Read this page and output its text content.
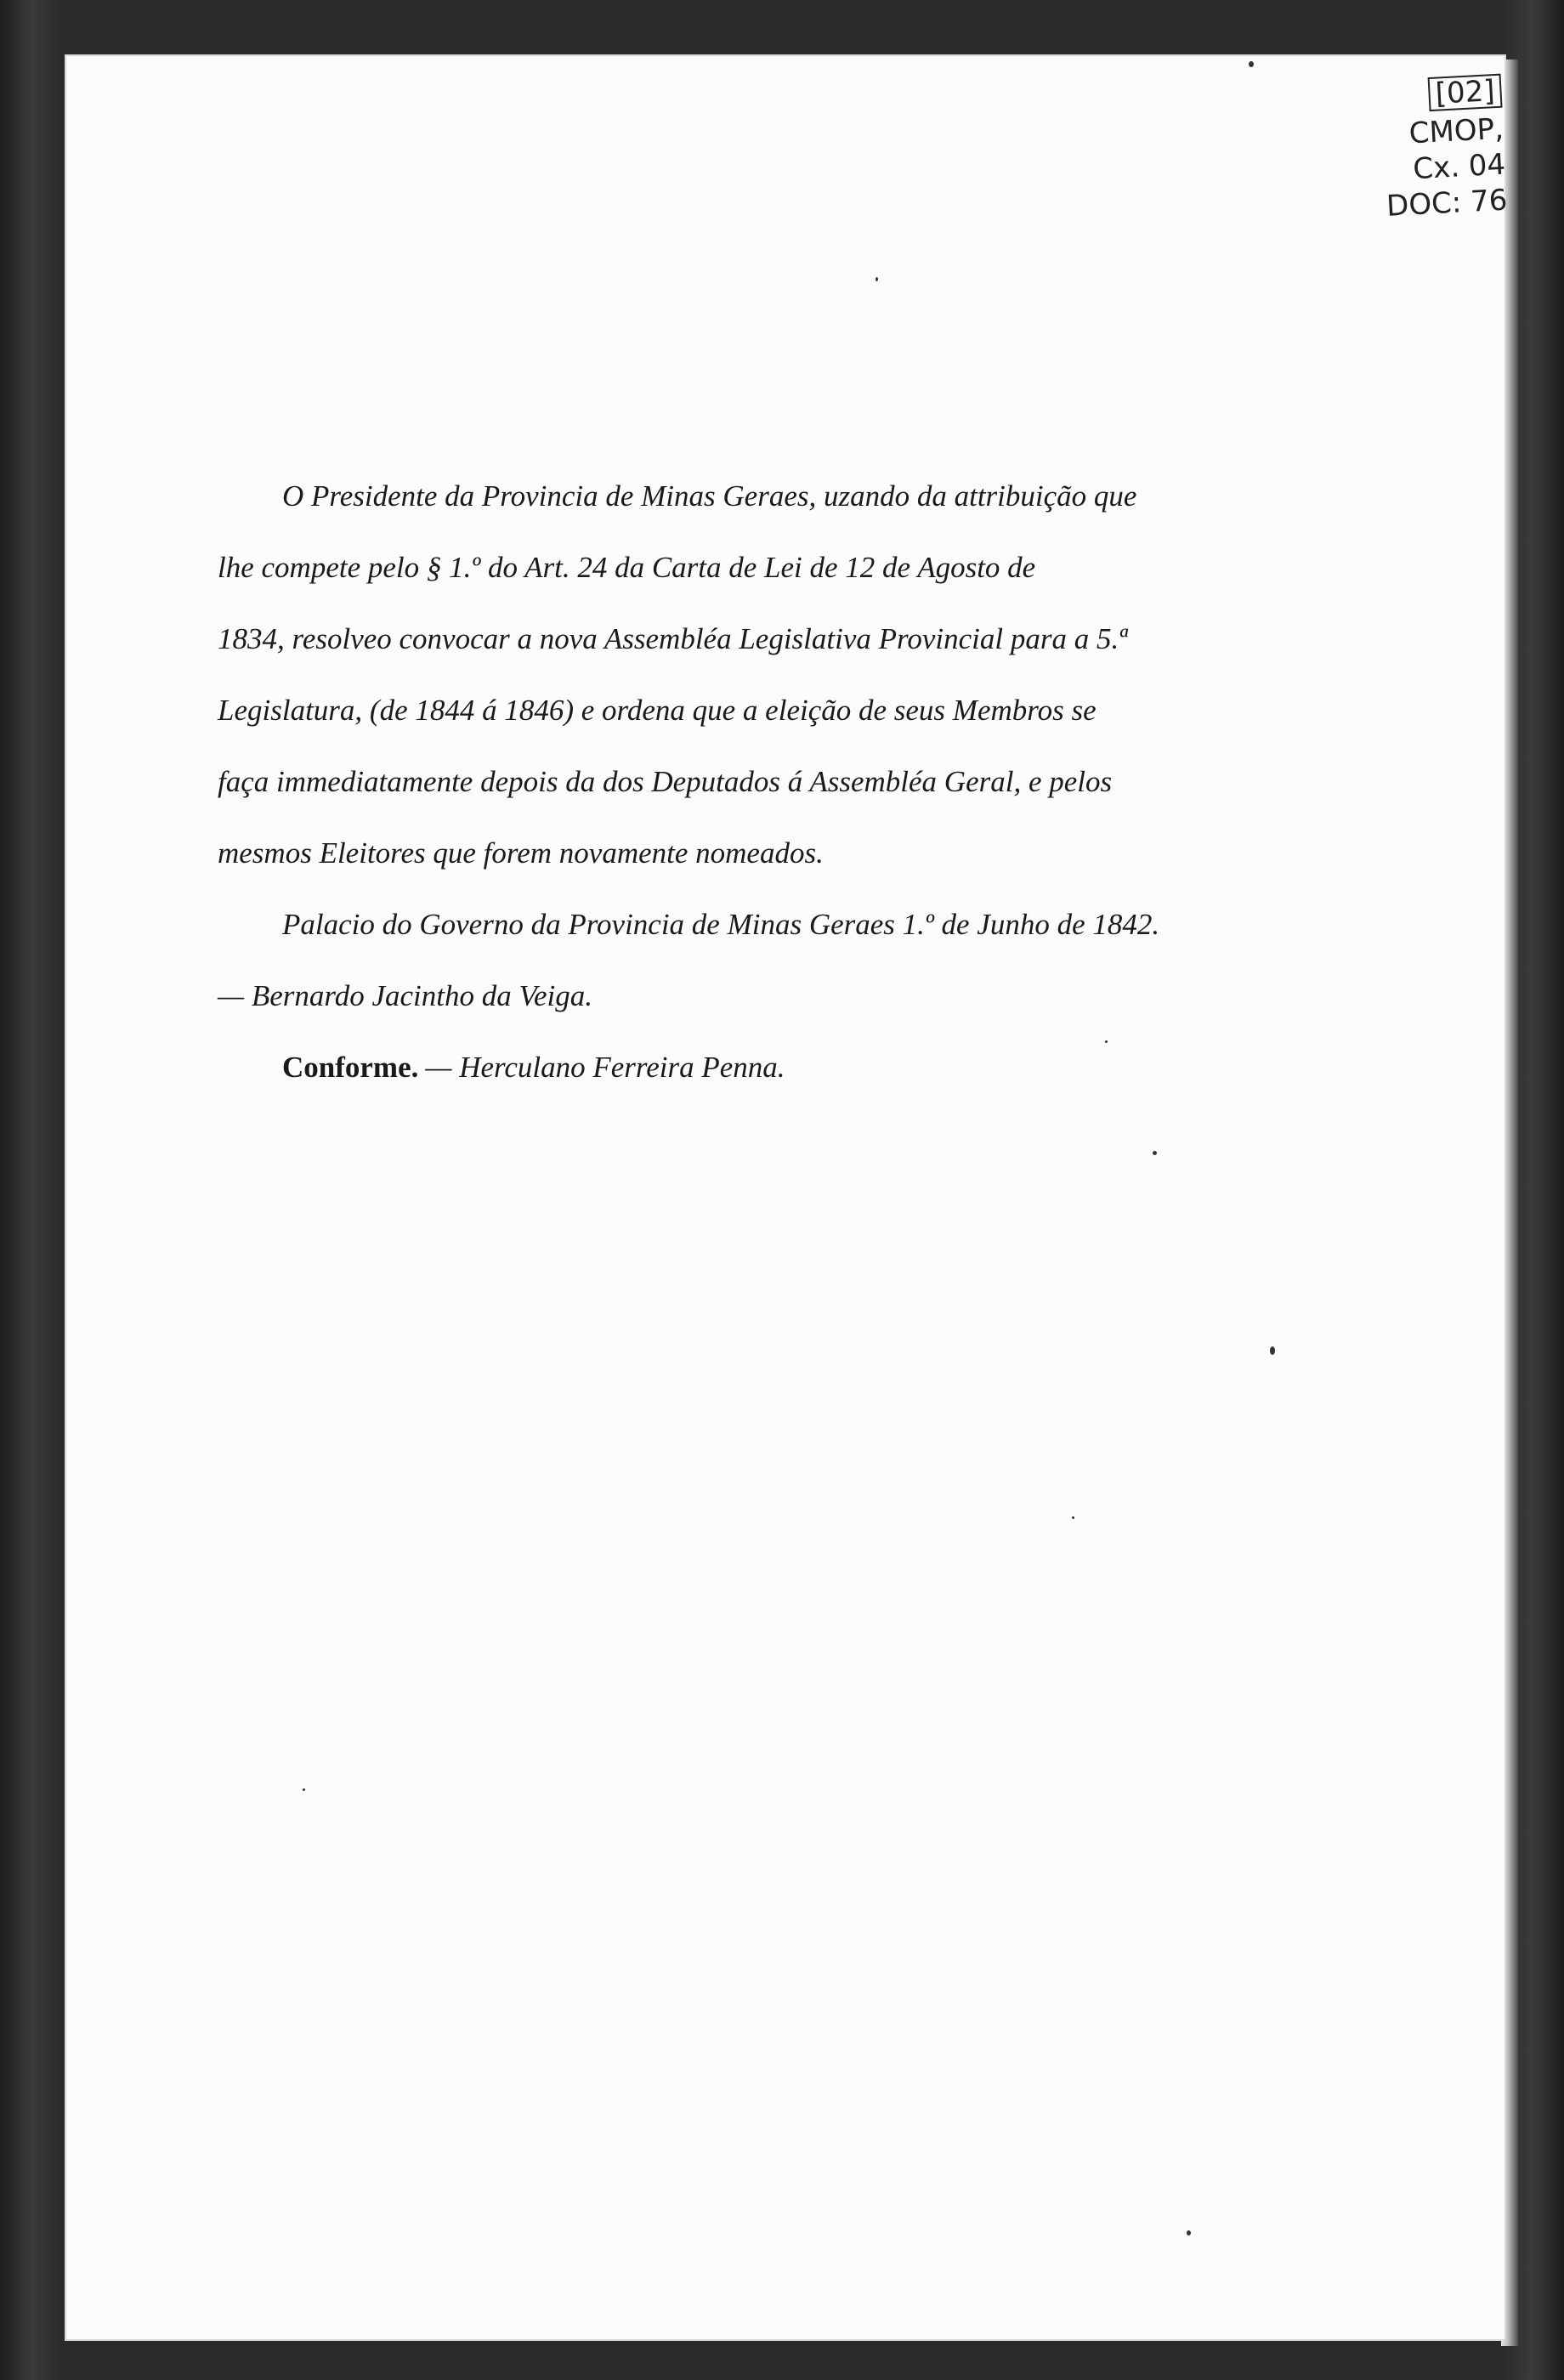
[02]
CMOP,
Cx. 04
DOC: 76
O Presidente da Provincia de Minas Geraes, uzando da attribuição que
lhe compete pelo § 1.º do Art. 24 da Carta de Lei de 12 de Agosto de
1834, resolveo convocar a nova Assembléa Legislativa Provincial para a 5.ª
Legislatura, (de 1844 á 1846) e ordena que a eleição de seus Membros se
faça immediatamente depois da dos Deputados á Assembléa Geral, e pelos
mesmos Eleitores que forem novamente nomeados.
Palacio do Governo da Provincia de Minas Geraes 1.º de Junho de 1842.
— Bernardo Jacintho da Veiga.
Conforme. — Herculano Ferreira Penna.
